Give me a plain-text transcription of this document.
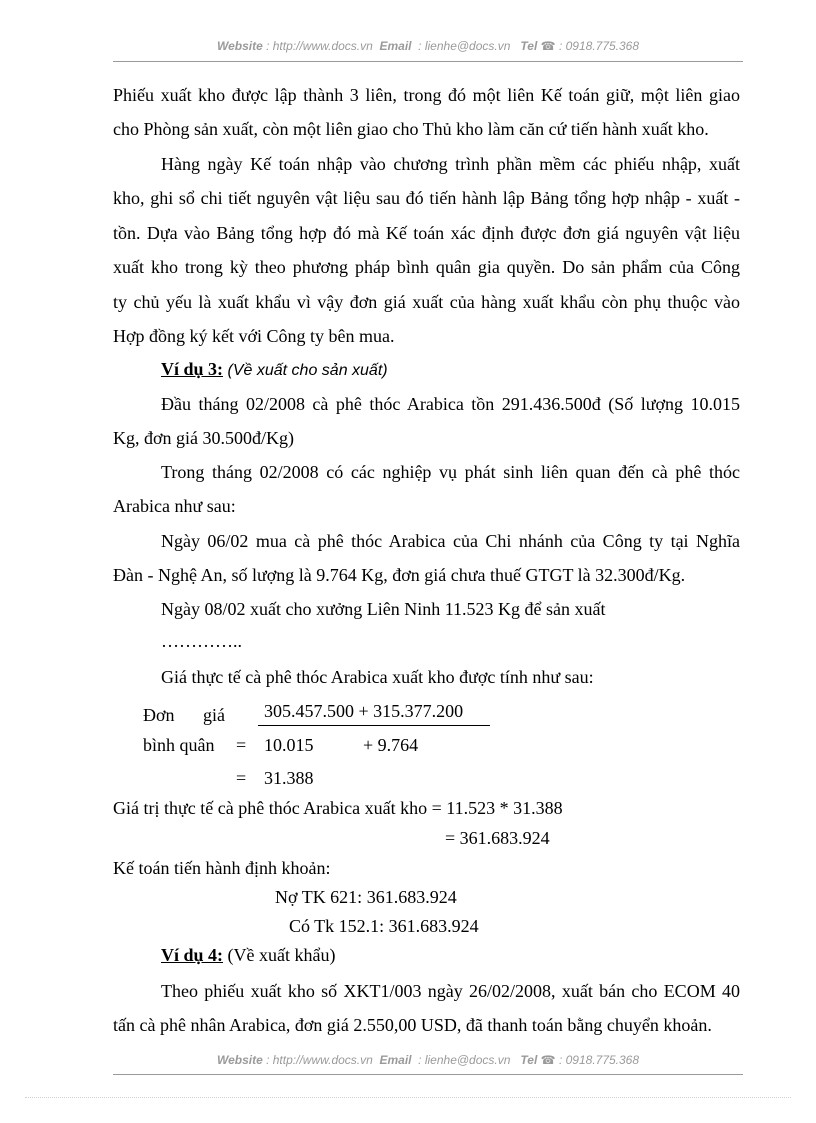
Website : http://www.docs.vn Email : lienhe@docs.vn Tel ☎ : 0918.775.368
Phiếu xuất kho được lập thành 3 liên, trong đó một liên Kế toán giữ, một liên giao
cho Phòng sản xuất, còn một liên giao cho Thủ kho làm căn cứ tiến hành xuất kho.
Hàng ngày Kế toán nhập vào chương trình phần mềm các phiếu nhập, xuất
kho, ghi sổ chi tiết nguyên vật liệu sau đó tiến hành lập Bảng tổng hợp nhập - xuất -
tồn. Dựa vào Bảng tổng hợp đó mà Kế toán xác định được đơn giá nguyên vật liệu
xuất kho trong kỳ theo phương pháp bình quân gia quyền. Do sản phẩm của Công
ty chủ yếu là xuất khẩu vì vậy đơn giá xuất của hàng xuất khẩu còn phụ thuộc vào
Hợp đồng ký kết với Công ty bên mua.
Ví dụ 3: (Về xuất cho sản xuất)
Đầu tháng 02/2008 cà phê thóc Arabica tồn 291.436.500đ (Số lượng 10.015
Kg, đơn giá 30.500đ/Kg)
Trong tháng 02/2008 có các nghiệp vụ phát sinh liên quan đến cà phê thóc
Arabica như sau:
Ngày 06/02 mua cà phê thóc Arabica của Chi nhánh của Công ty tại Nghĩa
Đàn - Nghệ An, số lượng là 9.764 Kg, đơn giá chưa thuế GTGT là 32.300đ/Kg.
Ngày 08/02 xuất cho xưởng Liên Ninh 11.523 Kg để sản xuất
…………..
Giá thực tế cà phê thóc Arabica xuất kho được tính như sau:
Đơn giá 305.457.500 + 315.377.200
bình quân = 10.015	+ 9.764
= 31.388
Giá trị thực tế cà phê thóc Arabica xuất kho = 11.523 * 31.388
= 361.683.924
Kế toán tiến hành định khoản:
Nợ TK 621: 361.683.924
Có Tk 152.1: 361.683.924
Ví dụ 4: (Về xuất khẩu)
Theo phiếu xuất kho số XKT1/003 ngày 26/02/2008, xuất bán cho ECOM 40
tấn cà phê nhân Arabica, đơn giá 2.550,00 USD, đã thanh toán bằng chuyển khoản.
Website : http://www.docs.vn Email : lienhe@docs.vn Tel ☎ : 0918.775.368
